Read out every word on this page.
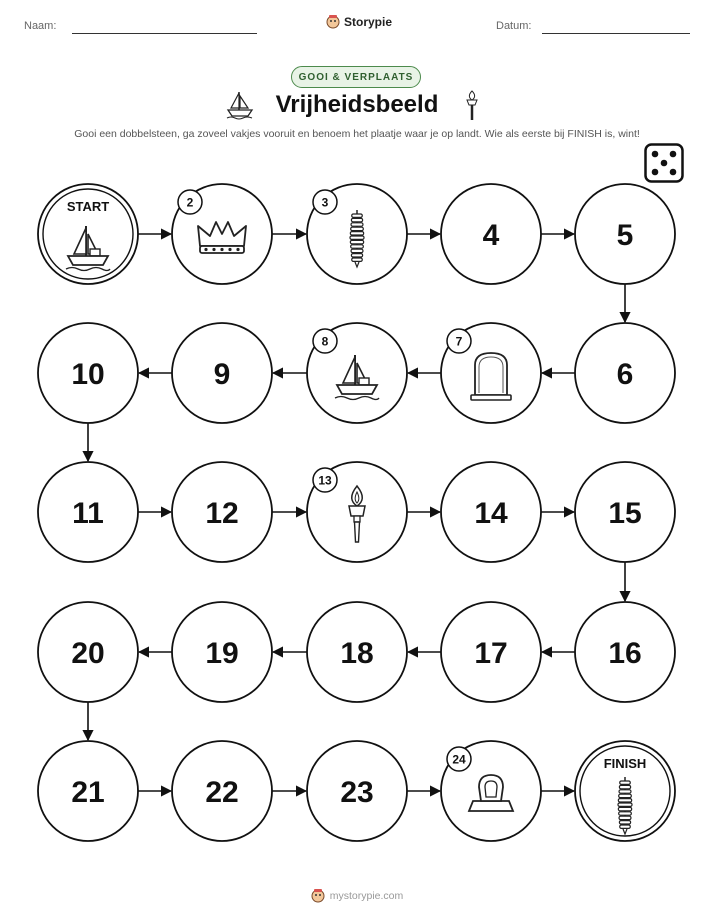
Naam:	Storypie	Datum:
GOOI & VERPLAATS
Vrijheidsbeeld
Gooi een dobbelsteen, ga zoveel vakjes vooruit en benoem het plaatje waar je op landt. Wie als eerste bij FINISH is, wint!
START	2	3
4	5
6
7
8
9
10
11	12
13
14	15
16
17
18
19
20
21	22	23
24	FINISH
mystorypie.com
